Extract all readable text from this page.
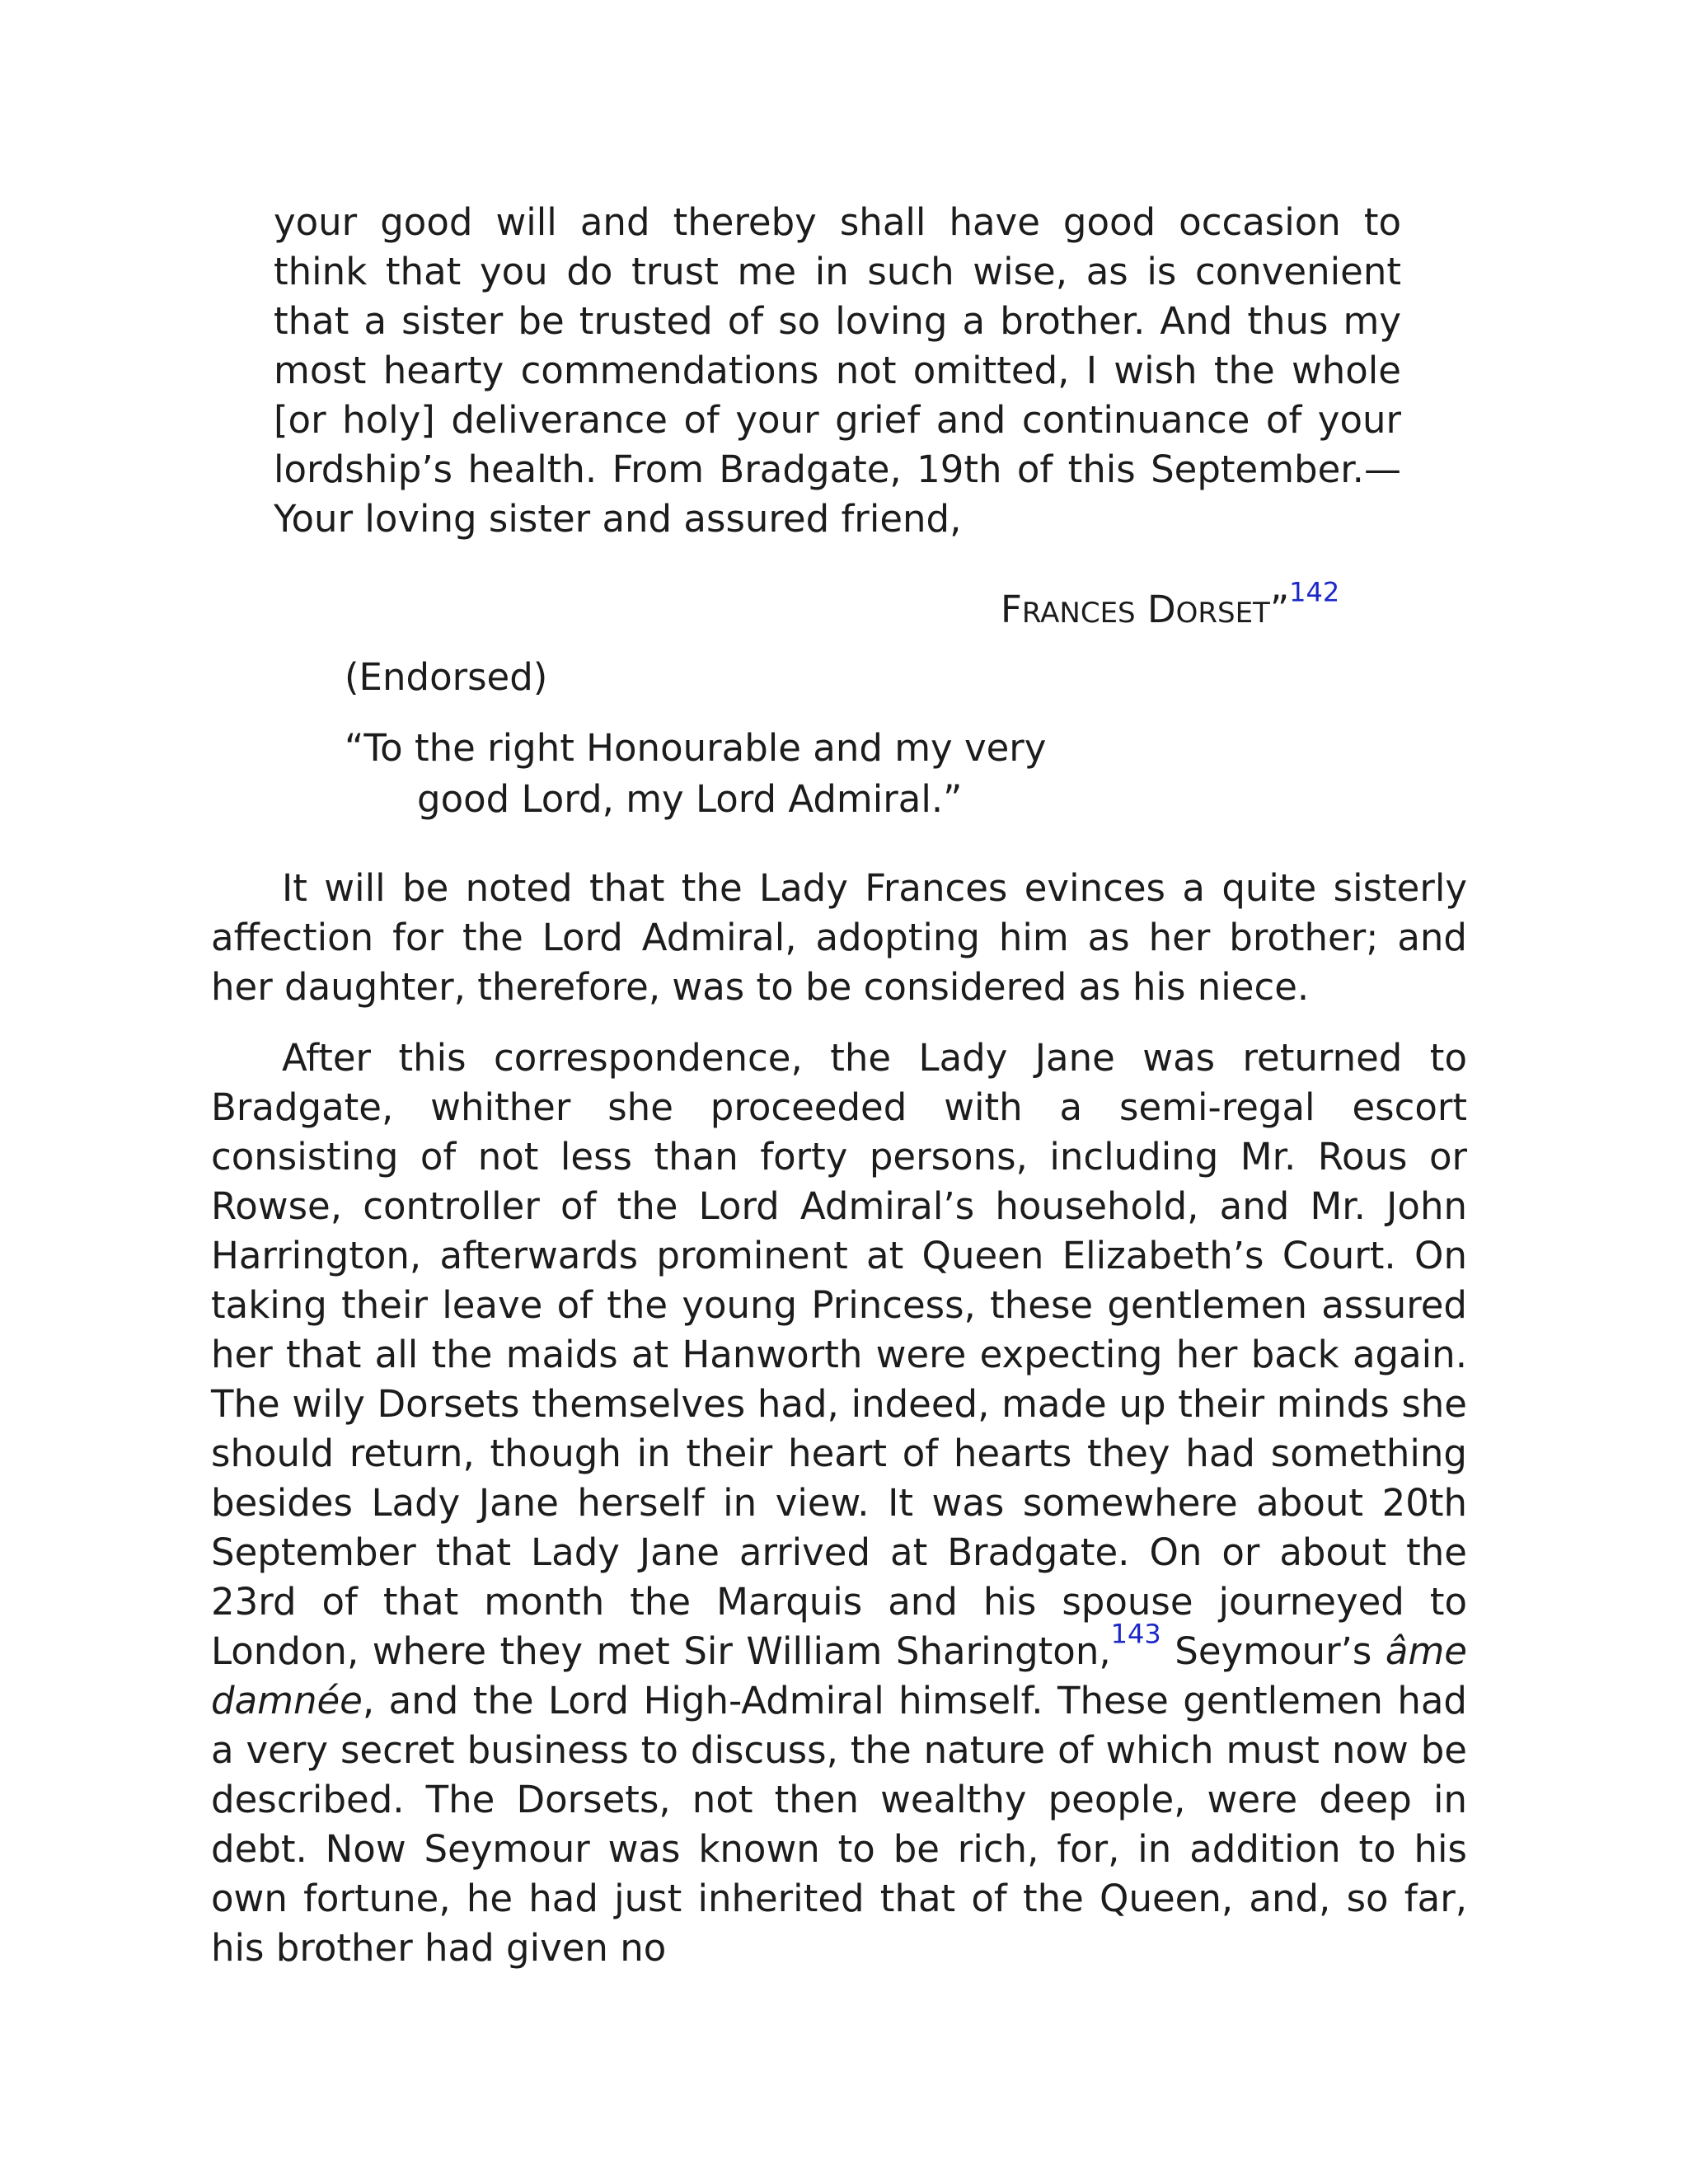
your good will and thereby shall have good occasion to think that you do trust me in such wise, as is convenient that a sister be trusted of so loving a brother. And thus my most hearty commendations not omitted, I wish the whole [or holy] deliverance of your grief and continuance of your lordship’s health. From Bradgate, 19th of this September.— Your loving sister and assured friend,

FRANCES DORSET”$^{142}$
(Endorsed)
“To the right Honourable and my very
good Lord, my Lord Admiral.”

It will be noted that the Lady Frances evinces a quite sisterly affection for the Lord Admiral, adopting him as her brother; and her daughter, therefore, was to be considered as his niece.

After this correspondence, the Lady Jane was returned to Bradgate, whither she proceeded with a semi-regal escort consisting of not less than forty persons, including Mr. Rous or Rowse, controller of the Lord Admiral’s household, and Mr. John Harrington, afterwards prominent at Queen Elizabeth’s Court. On taking their leave of the young Princess, these gentlemen assured her that all the maids at Hanworth were expecting her back again. The wily Dorsets themselves had, indeed, made up their minds she should return, though in their heart of hearts they had something besides Lady Jane herself in view. It was somewhere about 20th September that Lady Jane arrived at Bradgate. On or about the 23rd of that month the Marquis and his spouse journeyed to London, where they met Sir William Sharington,$^{143}$ Seymour’s âme damnée, and the Lord High-Admiral himself. These gentlemen had a very secret business to discuss, the nature of which must now be described. The Dorsets, not then wealthy people, were deep in debt. Now Seymour was known to be rich, for, in addition to his own fortune, he had just inherited that of the Queen, and, so far, his brother had given no
